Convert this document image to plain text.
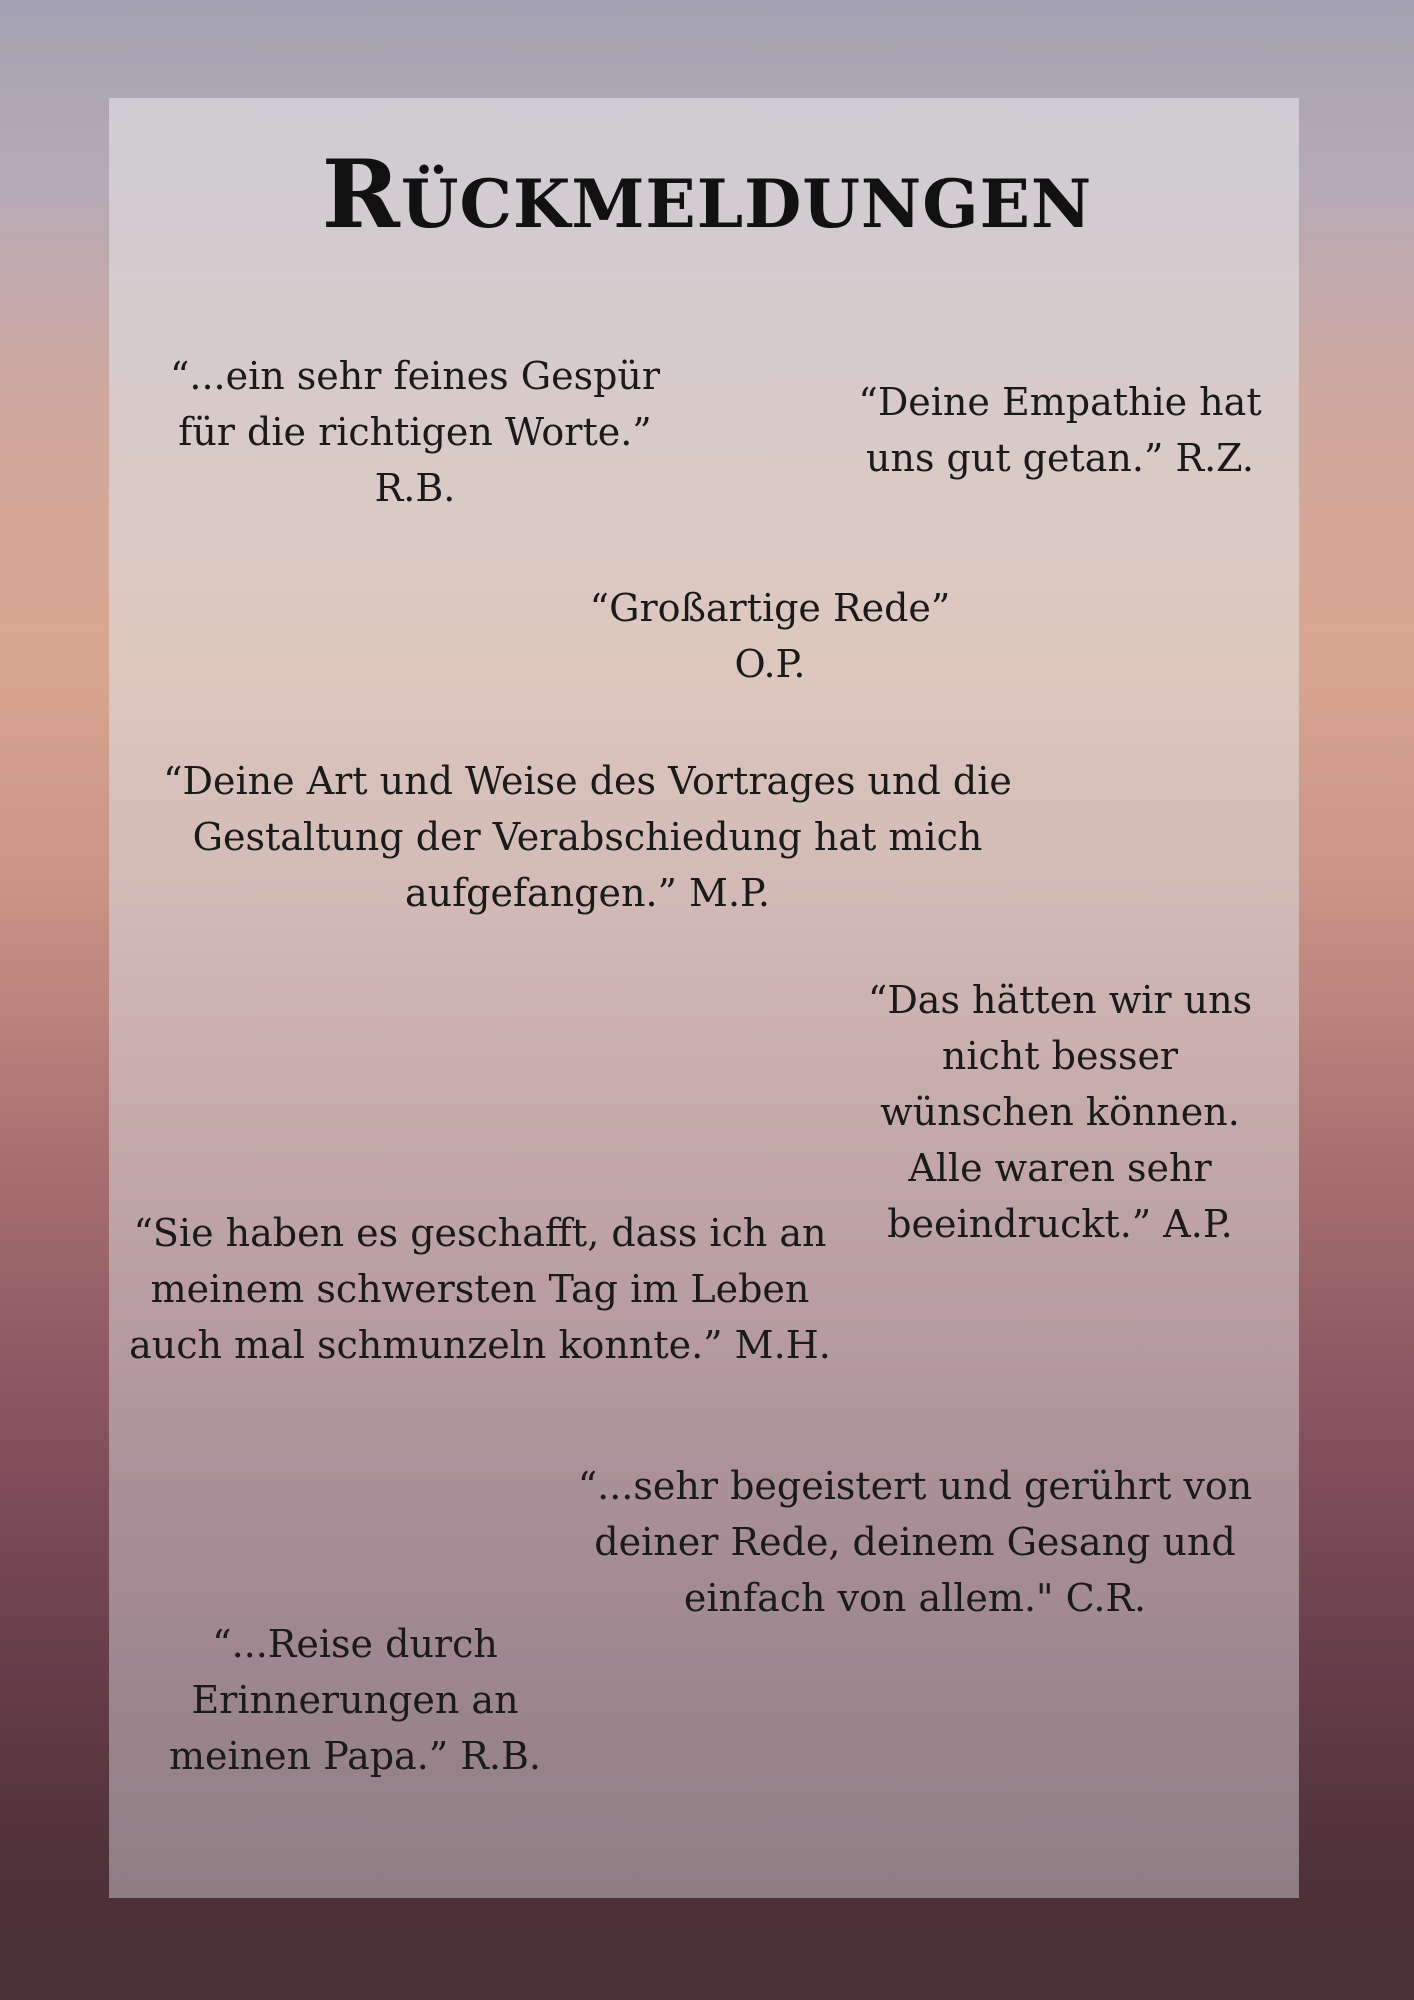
Rückmeldungen
“...ein sehr feines Gespür
für die richtigen Worte.”
R.B.
“Deine Empathie hat
uns gut getan.” R.Z.
“Großartige Rede”
O.P.
“Deine Art und Weise des Vortrages und die
Gestaltung der Verabschiedung hat mich
aufgefangen.” M.P.
“Das hätten wir uns
nicht besser
wünschen können.
Alle waren sehr
beeindruckt.” A.P.
“Sie haben es geschafft, dass ich an
meinem schwersten Tag im Leben
auch mal schmunzeln konnte.” M.H.
“...sehr begeistert und gerührt von
deiner Rede, deinem Gesang und
einfach von allem." C.R.
“...Reise durch
Erinnerungen an
meinen Papa.” R.B.
